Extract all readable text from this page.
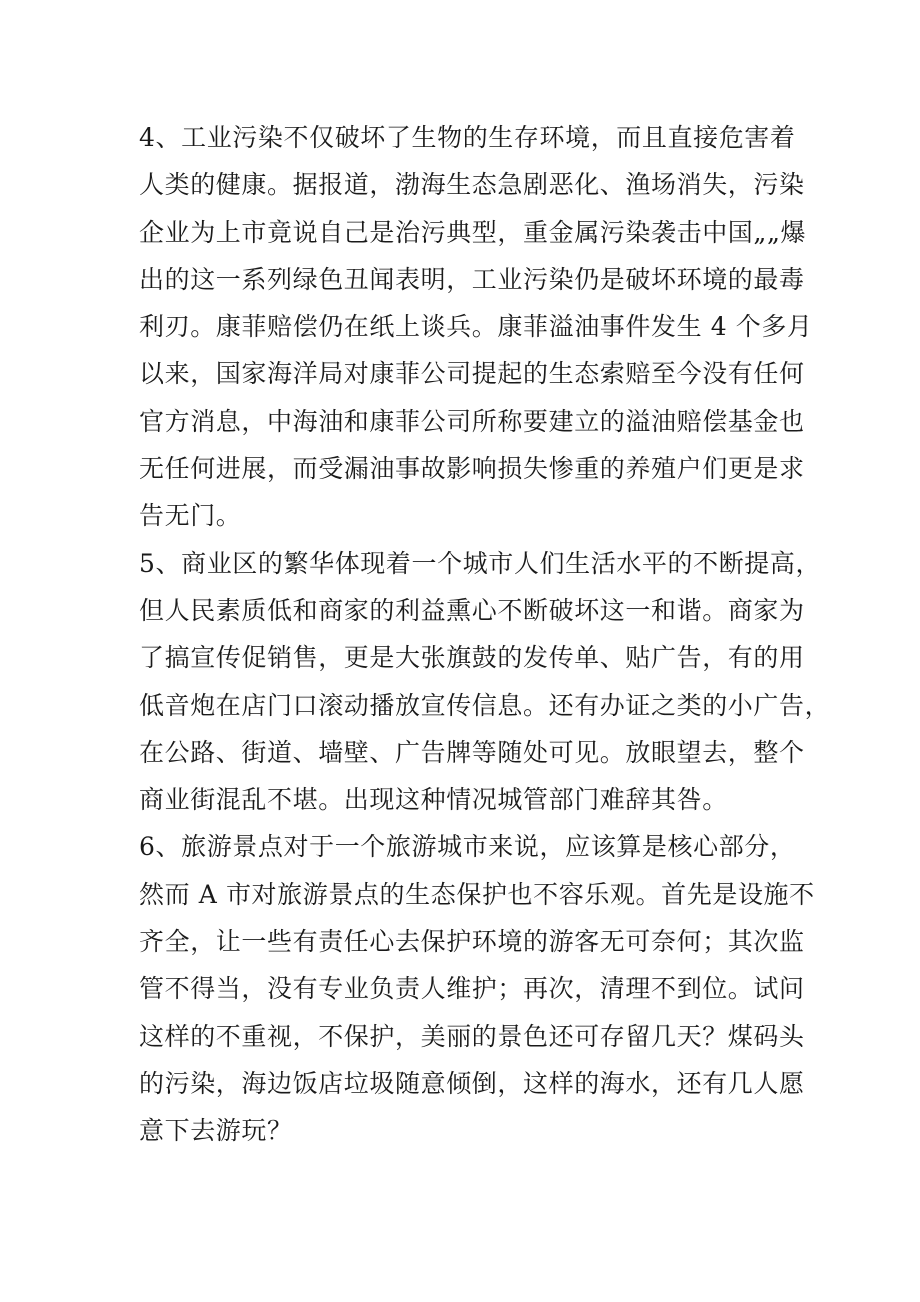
4、工业污染不仅破坏了生物的生存环境，而且直接危害着
人类的健康。据报道，渤海生态急剧恶化、渔场消失，污染
企业为上市竟说自己是治污典型，重金属污染袭击中国„„爆
出的这一系列绿色丑闻表明，工业污染仍是破坏环境的最毒
利刃。康菲赔偿仍在纸上谈兵。康菲溢油事件发生 4 个多月
以来，国家海洋局对康菲公司提起的生态索赔至今没有任何
官方消息，中海油和康菲公司所称要建立的溢油赔偿基金也
无任何进展，而受漏油事故影响损失惨重的养殖户们更是求
告无门。
5、商业区的繁华体现着一个城市人们生活水平的不断提高，
但人民素质低和商家的利益熏心不断破坏这一和谐。商家为
了搞宣传促销售，更是大张旗鼓的发传单、贴广告，有的用
低音炮在店门口滚动播放宣传信息。还有办证之类的小广告，
在公路、街道、墙壁、广告牌等随处可见。放眼望去，整个
商业街混乱不堪。出现这种情况城管部门难辞其咎。
6、旅游景点对于一个旅游城市来说，应该算是核心部分，
然而 A 市对旅游景点的生态保护也不容乐观。首先是设施不
齐全，让一些有责任心去保护环境的游客无可奈何；其次监
管不得当，没有专业负责人维护；再次，清理不到位。试问
这样的不重视，不保护，美丽的景色还可存留几天？煤码头
的污染，海边饭店垃圾随意倾倒，这样的海水，还有几人愿
意下去游玩？
